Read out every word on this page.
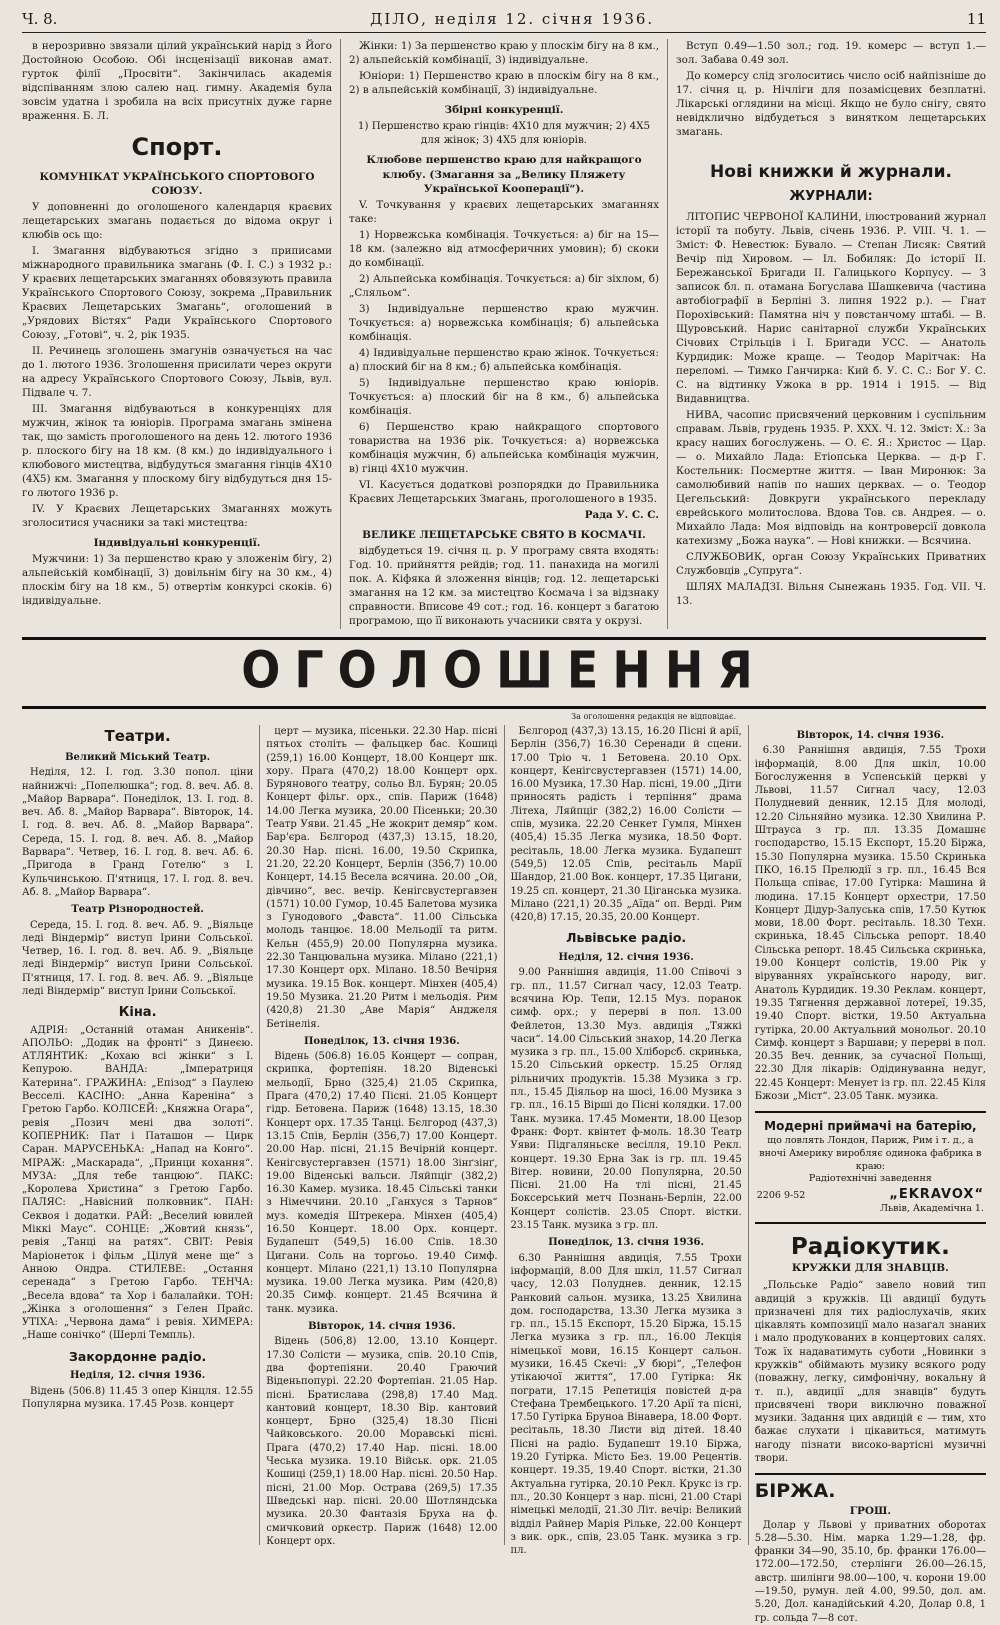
Ч. 8.	ДІЛО, неділя 12. січня 1936.	11

в нерозривно звязали цілий український нарід з Його Достойною Особою. Обі інсценізації виконав амат. гурток філії „Просвіти“. Закінчилась академія відспіванням злою салею нац. гимну. Академія була зовсім удатна і зробила на всіх присутніх дуже гарне враження. Б. Л.

Спорт.
КОМУНІКАТ УКРАЇНСЬКОГО СПОРТОВОГО СОЮЗУ.

У доповненні до оголошеного календарця краєвих лещетарських змагань подається до відома округ і клюбів ось що:

І. Змагання відбуваються згідно з приписами міжнародного правильника змагань (Ф. І. С.) з 1932 р.: У краєвих лещетарських змаганнях обовязують правила Українського Спортового Союзу, зокрема „Правильник Краєвих Лещетарських Змагань“, оголошений в „Урядових Вістях“ Ради Українського Спортового Союзу, „Готові“, ч. 2, рік 1935.

ІІ. Речинець зголошень змагунів означується на час до 1. лютого 1936. Зголошення присилати через округи на адресу Українського Спортового Союзу, Львів, вул. Підвале ч. 7.

ІІІ. Змагання відбуваються в конкуренціях для мужчин, жінок та юніорів. Програма змагань змінена так, що замість проголошеного на день 12. лютого 1936 р. плоского бігу на 18 км. (8 км.) до індивідуального і клюбового мистецтва, відбудуться змагання гінців 4Х10 (4Х5) км. Змагання у плоскому бігу відбудуться дня 15-го лютого 1936 р.

IV. У Краєвих Лещетарських Змаганнях можуть зголоситися учасники за такі мистецтва:

Індивідуальні конкуренції.

Мужчини: 1) За першенство краю у зложенім бігу, 2) альпейській комбінації, 3) довільнім бігу на 30 км., 4) плоскім бігу на 18 км., 5) отвертім конкурсі скоків. 6) індивідуальне.

Жінки: 1) За першенство краю у плоскім бігу на 8 км., 2) альпейській комбінації, 3) індивідуальне.

Юніори: 1) Першенство краю в плоскім бігу на 8 км., 2) в альпейській комбінації, 3) індивідуальне.

Збірні конкуренції.

1) Першенство краю гінців: 4Х10 для мужчин; 2) 4Х5 для жінок; 3) 4Х5 для юніорів.

Клюбове першенство краю для найкращого клюбу. (Змагання за „Велику Пляжету Української Кооперації“).

V. Точкування у краєвих лещетарських змаганнях таке:

1) Норвежська комбінація. Точкується: а) біг на 15—18 км. (залежно від атмосферичних умовин); б) скоки до комбінації.

2) Альпейська комбінація. Точкується: а) біг зіхлом, б) „Сляльом“.

3) Індивідуальне першенство краю мужчин. Точкується: а) норвежська комбінація; б) альпейська комбінація.

4) Індивідуальне першенство краю жінок. Точкується: а) плоский біг на 8 км.; б) альпейська комбінація.

5) Індивідуальне першенство краю юніорів. Точкується: а) плоский біг на 8 км., б) альпейська комбінація.

6) Першенство краю найкращого спортового товариства на 1936 рік. Точкується: а) норвежська комбінація мужчин, б) альпейська комбінація мужчин, в) гінці 4Х10 мужчин.

VI. Касується додаткові розпорядки до Правильника Краєвих Лещетарських Змагань, проголошеного в 1935.

Рада У. С. С.

ВЕЛИКЕ ЛЕЩЕТАРСЬКЕ СВЯТО В КОСМАЧІ.

відбудеться 19. січня ц. р. У програму свята входять: Год. 10. прийняття рейдів; год. 11. панахида на могилі пок. А. Кіфяка й зложення вінців; год. 12. лещетарські змагання на 12 км. за мистецтво Космача і за відзнаку справности. Вписове 49 сот.; год. 16. концерт з багатою програмою, що її виконають учасники свята у окрузі.

Вступ 0.49—1.50 зол.; год. 19. комерс — вступ 1.— зол. Забава 0.49 зол.

До комерсу слід зголоситись число осіб найпізніше до 17. січня ц. р. Нічліги для позамісцевих безплатні. Лікарські оглядини на місці. Якщо не було снігу, свято невідклично відбудеться з винятком лещетарських змагань.

Нові книжки й журнали.
ЖУРНАЛИ:

ЛІТОПИС ЧЕРВОНОЇ КАЛИНИ, ілюстрований журнал історії та побуту. Львів, січень 1936. Р. VIII. Ч. 1. — Зміст: Ф. Невестюк: Бувало. — Степан Лисяк: Святий Вечір під Хировом. — Іл. Бобиляк: До історії ІІ. Бережанської Бригади ІІ. Галицького Корпусу. — З записок бл. п. отамана Богуслава Шашкевича (частина автобіографії в Берліні 3. липня 1922 р.). — Гнат Порохівський: Памятна ніч у повстанчому штабі. — В. Щуровський. Нарис санітарної служби Українських Січових Стрільців і І. Бригади УСС. — Анатоль Курдидик: Може краще. — Теодор Марітчак: На переломі. — Тимко Ганчирка: Кий б. У. С. С.: Бог У. С. С. на відтинку Ужока в рр. 1914 і 1915. — Від Видавництва.

НИВА, часопис присвячений церковним і суспільним справам. Львів, грудень 1935. Р. XXX. Ч. 12. Зміст: Х.: За красу наших богослужень. — О. Є. Я.: Христос — Цар. — о. Михайло Лада: Етіопська Церква. — д-р Г. Костельник: Посмертне життя. — Іван Миронюк: За самолюбивий напів по наших церквах. — о. Теодор Цегельський: Довкруги українського перекладу єврейського молитослова. Вдова Тов. св. Андрея. — о. Михайло Лада: Моя відповідь на контроверсії довкола катехизму „Божа наука“. — Нові книжки. — Всячина.

СЛУЖБОВИК, орган Союзу Українських Приватних Службовців „Супруга“.

ШЛЯХ МАЛАДЗІ. Вільня Сынежань 1935. Год. VII. Ч. 13.

ОГОЛОШЕННЯ
За оголошення редакція не відповідає.
Театри.
Великий Міський Театр.

Неділя, 12. І. год. 3.30 попол. ціни найнижчі: „Попелюшка“; год. 8. веч. Аб. 8. „Майор Варвара“. Понеділок, 13. І. год. 8. веч. Аб. 8. „Майор Варвара“. Вівторок, 14. І. год. 8. веч. Аб. 8. „Майор Варвара“. Середа, 15. І. год. 8. веч. Аб. 8. „Майор Варвара“. Четвер, 16. І. год. 8. веч. Аб. 6. „Пригода в Гранд Готелю“ з І. Кульчинською. П'ятниця, 17. І. год. 8. веч. Аб. 8. „Майор Варвара“.

Театр Різнородностей.

Середа, 15. І. год. 8. веч. Аб. 9. „Віяльце леді Віндермір“ виступ Ірини Сольської. Четвер, 16. І. год. 8. веч. Аб. 9. „Віяльце леді Віндермір“ виступ Ірини Сольської. П'ятниця, 17. І. год. 8. веч. Аб. 9. „Віяльце леді Віндермір“ виступ Ірини Сольської.

Кіна.

АДРІЯ: „Останній отаман Аникенів“. АПОЛЬО: „Додик на фронті“ з Динеєю. АТЛЯНТИК: „Кохаю всі жінки“ з І. Кепурою. ВАНДА: „Імператриця Катерина“. ГРАЖИНА: „Епізод“ з Паулею Весселі. КАСІНО: „Анна Кареніна“ з Гретою Гарбо. КОЛІСЕЙ: „Княжна Огара“, ревія „Позич мені два золоті“. КОПЕРНИК: Пат і Паташон — Цирк Саран. МАРУСЕНЬКА: „Напад на Конго“. МІРАЖ: „Маскарада“, „Принци кохання“. МУЗА: „Для тебе танцюю“. ПАКС: „Королева Христина“ з Гретою Гарбо. ПАЛЯС: „Навісний полковник“. ПАН: Секвоя і додатки. РАЙ: „Веселий ювилей Міккі Маус“. СОНЦЕ: „Жовтий князь“, ревія „Танці на ратях“. СВІТ: Ревія Маріонеток і фільм „Цілуй мене ще“ з Анною Ондра. СТИЛЕВЕ: „Остання серенада“ з Гретою Гарбо. ТЕНЧА: „Весела вдова“ та Хор і балалайки. ТОН: „Жінка з оголошення“ з Гелен Прайс. УТІХА: „Червона дама“ і ревія. ХИМЕРА: „Наше сонічко“ (Шерлі Темпль).

Закордонне радіо.
Неділя, 12. січня 1936.

Відень (506.8) 11.45 З опер Кінцля. 12.55 Популярна музика. 17.45 Розв. концерт

церт — музика, пісеньки. 22.30 Нар. пісні пятьох століть — фальцкер бас. Кошиці (259,1) 16.00 Концерт, 18.00 Концерт шк. хору. Прага (470,2) 18.00 Концерт орх. Бурянового театру, сольо Вл. Бурян; 20.05 Концерт фільг. орх., спів. Париж (1648) 14.00 Легка музика, 20.00 Пісеньки; 20.30 Театр Уяви. 21.45 „Не жокрит демяр“ ком. Бар'єра. Бєлгород (437,3) 13.15, 18.20, 20.30 Нар. пісні. 16.00, 19.50 Скрипка, 21.20, 22.20 Концерт, Берлін (356,7) 10.00 Концерт, 14.15 Весела всячина. 20.00 „Ой, дівчино“, вес. вечір. Кенігсвустергавзен (1571) 10.00 Гумор, 10.45 Балетова музика з Гунодового „Фавста“. 11.00 Сільська молодь танцює. 18.00 Мельодії та ритм. Кельн (455,9) 20.00 Популярна музика. 22.30 Танцювальна музика. Мілано (221,1) 17.30 Концерт орх. Мілано. 18.50 Вечірня музика. 19.15 Вок. концерт. Мінхен (405,4) 19.50 Музика. 21.20 Ритм і мельодія. Рим (420,8) 21.30 „Аве Марія“ Анджеля Бетінелія.

Понеділок, 13. січня 1936.

Відень (506.8) 16.05 Концерт — сопран, скрипка, фортепіян. 18.20 Віденські мельодії, Брно (325,4) 21.05 Скрипка, Прага (470,2) 17.40 Пісні. 21.05 Концерт гідр. Бетовена. Париж (1648) 13.15, 18.30 Концерт орх. 17.35 Танці. Бєлгород (437,3) 13.15 Спів, Берлін (356,7) 17.00 Концерт. 20.00 Нар. пісні, 21.15 Вечірній концерт. Кенігсвустергавзен (1571) 18.00 Зінґзінґ, 19.00 Віденські вальси. Ляйпціг (382,2) 16.30 Камер. музика. 18.45 Сільські танки з Німеччини. 20.10 „Ганхуся з Тарнов“ муз. комедія Штрекера. Мінхен (405,4) 16.50 Концерт. 18.00 Орх. концерт. Будапешт (549,5) 16.00 Спів. 18.30 Цигани. Соль на торгоьо. 19.40 Симф. концерт. Мілано (221,1) 13.10 Популярна музика. 19.00 Легка музика. Рим (420,8) 20.35 Симф. концерт. 21.45 Всячина й танк. музика.

Вівторок, 14. січня 1936.

Відень (506,8) 12.00, 13.10 Концерт. 17.30 Солісти — музика, спів. 20.10 Спів, два фортепіяни. 20.40 Граючий Віденьпопурі. 22.20 Фортепіан. 21.05 Нар. пісні. Братислава (298,8) 17.40 Мад. кантовий концерт, 18.30 Вір. кантовий концерт, Брно (325,4) 18.30 Пісні Чайковського. 20.00 Моравські пісні. Прага (470,2) 17.40 Нар. пісні. 18.00 Чеська музика. 19.10 Військ. орк. 21.05 Кошиці (259,1) 18.00 Нар. пісні. 20.50 Нар. пісні, 21.00 Мор. Острава (269,5) 17.35 Шведські нар. пісні. 20.00 Шотляндська музика. 20.30 Фантазія Бруха на ф. смичковий оркестр. Париж (1648) 12.00 Концерт орх.

Бєлгород (437,3) 13.15, 16.20 Пісні й арії, Берлін (356,7) 16.30 Серенади й сцени. 17.00 Тріо ч. 1 Бетовена. 20.10 Орх. концерт, Кенігсвустергавзен (1571) 14.00, 16.00 Музика, 17.30 Нар. пісні, 19.00 „Діти приносять радість і терпіння“ драма Літеха, Ляйпціг (382,2) 16.00 Солісти — спів, музика. 22.20 Сенкет Гумля, Мінхен (405,4) 15.35 Легка музика, 18.50 Форт. ресітаьль, 18.00 Легка музика. Будапешт (549,5) 12.05 Спів, ресітаьль Марії Шандор, 21.00 Вок. концерт, 17.35 Цигани, 19.25 сп. концерт, 21.30 Ціганська музика. Мілано (221,1) 20.35 „Аїда“ оп. Верді. Рим (420,8) 17.15, 20.35, 20.00 Концерт.

Львівське радіо.
Неділя, 12. січня 1936.

9.00 Раннішня авдиція, 11.00 Співочі з гр. пл., 11.57 Сигнал часу, 12.03 Театр. всячина Юр. Тепи, 12.15 Муз. поранок симф. орх.; у перерві в пол. 13.00 Фейлетон, 13.30 Муз. авдиція „Тяжкі часи“. 14.00 Сільський знахор, 14.20 Легка музика з гр. пл., 15.00 Хліборсб. скринька, 15.20 Сільський оркестр. 15.25 Огляд рільничих продуктів. 15.38 Музика з гр. пл., 15.45 Діяльор на шосі, 16.00 Музика з гр. пл., 16.15 Вірші до Пісні колядки. 17.00 Танк. музика. 17.45 Моменти, 18.00 Цезор Франк: Форт. квінтет ф-моль. 18.30 Театр Уяви: Підгаляньске весілля, 19.10 Рекл. концерт. 19.30 Ерна Зак із гр. пл. 19.45 Вітер. новини, 20.00 Популярна, 20.50 Пісні. 21.00 На тлі пісні, 21.45 Боксерський метч Познань-Берлін, 22.00 Концерт солістів. 23.05 Спорт. вістки. 23.15 Танк. музика з гр. пл.

Понеділок, 13. січня 1936.

6.30 Раннішня авдиція, 7.55 Трохи інформацій, 8.00 Для шкіл, 11.57 Сигнал часу, 12.03 Полуднев. денник, 12.15 Ранковий сальон. музика, 13.25 Хвилина дом. господарства, 13.30 Легка музика з гр. пл., 15.15 Експорт, 15.20 Біржа, 15.15 Легка музика з гр. пл., 16.00 Лекція німецької мови, 16.15 Концерт сальон. музики, 16.45 Скечі: „У бюрі“, „Телефон утікаючої життя“, 17.00 Гутірка: Як пограти, 17.15 Репетиція повістей д-ра Стефана Трембецького. 17.20 Арії та пісні, 17.50 Гутірка Бруноа Вінавера, 18.00 Форт. ресітаьль, 18.30 Листи від дітей. 18.40 Пісні на радіо. Будапешт 19.10 Біржа, 19.20 Гутірка. Місто Без. 19.00 Рецентів. концерт. 19.35, 19.40 Спорт. вістки, 21.30 Актуальна гутірка, 20.10 Рекл. Крукс із гр. пл., 20.30 Концерт з нар. пісні, 21.00 Старі німецькі мелодії, 21.30 Літ. вечір: Великий відділ Райнер Марія Рільке, 22.00 Концерт з вик. орк., спів, 23.05 Танк. музика з гр. пл.

Вівторок, 14. січня 1936.

6.30 Раннішня авдиція, 7.55 Трохи інформацій, 8.00 Для шкіл, 10.00 Богослуження в Успенській церкві у Львові, 11.57 Сигнал часу, 12.03 Полудневий денник, 12.15 Для молоді, 12.20 Сільняйно музика. 12.30 Хвилина Р. Штрауса з гр. пл. 13.35 Домашнє господарство, 15.15 Експорт, 15.20 Біржа, 15.30 Популярна музика. 15.50 Скринька ПКО, 16.15 Прелюдії з гр. пл., 16.45 Вся Польща співає, 17.00 Гутірка: Машина й людина. 17.15 Концерт орхестри, 17.50 Концерт Дідур-Залуська спів, 17.50 Кутюк мови, 18.00 Форт. ресітаьль. 18.30 Техн. скринька, 18.45 Сільська репорт. 18.40 Сільська репорт. 18.45 Сильська скринька, 19.00 Концерт солістів, 19.00 Рік у віруваннях українського народу, виг. Анатоль Курдидик. 19.30 Реклам. концерт, 19.35 Тягнення державної лотереї, 19.35, 19.40 Спорт. вістки, 19.50 Актуальна гутірка, 20.00 Актуальний монольог. 20.10 Симф. концерт з Варшави; у перерві в пол. 20.35 Веч. денник, за сучасної Польщі, 22.30 Для лікарів: Одідинуванна недуг, 22.45 Концерт: Менует із гр. пл. 22.45 Кіля Бжози „Міст“. 23.05 Танк. музика.

Модерні приймачі на батерію,
що ловлять Лондон, Париж, Рим і т. д., а вночі Америку виробляє одинока фабрика в краю:
Радіотехнічні заведення
2206 9-52	„EKRAVOX“
Львів, Академічна 1.
Радіокутик.
КРУЖКИ ДЛЯ ЗНАВЦІВ.

„Польське Радіо“ завело новий тип авдицій з кружків. Ці авдиції будуть призначені для тих радіослухачів, яких цікавлять композиції мало назагал знаних і мало продукованих в концертових салях. Тож їх надаватимуть суботи „Новинки з кружків“ обіймають музику всякого роду (поважну, легку, симфонічну, вокальну й т. п.), авдиції „для знавців“ будуть присвячені твори виключно поважної музики. Задання цих авдицій є — тим, хто бажає слухати і цікавиться, матимуть нагоду пізнати високо-вартісні музичні твори.

БІРЖА.
ГРОШ.

Долар у Львові у приватних оборотах 5.28—5.30. Нім. марка 1.29—1.28, фр. франки 34—90, 35.10, бр. франки 176.00—172.00—172.50, стерлінги 26.00—26.15, австр. шилінги 98.00—100, ч. корони 19.00—19.50, румун. лей 4.00, 99.50, дол. ам. 5.20, Дол. канадійський 4.20, Долар 0.8, 1 гр. сольда 7—8 сот.
